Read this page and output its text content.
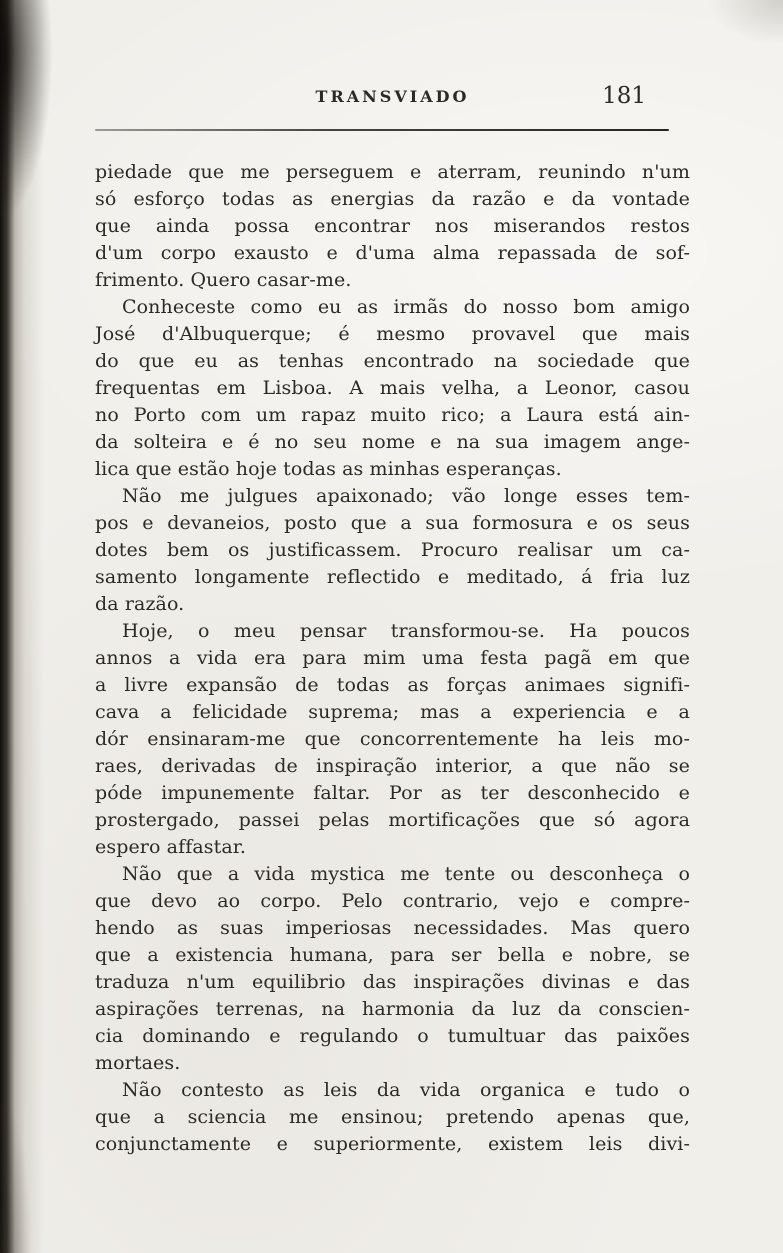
TRANSVIADO	181
piedade que me perseguem e aterram, reunindo n'um
só esforço todas as energias da razão e da vontade
que ainda possa encontrar nos miserandos restos
d'um corpo exausto e d'uma alma repassada de sof-
frimento. Quero casar-me.
Conheceste como eu as irmãs do nosso bom amigo
José d'Albuquerque; é mesmo provavel que mais
do que eu as tenhas encontrado na sociedade que
frequentas em Lisboa. A mais velha, a Leonor, casou
no Porto com um rapaz muito rico; a Laura está ain-
da solteira e é no seu nome e na sua imagem ange-
lica que estão hoje todas as minhas esperanças.
Não me julgues apaixonado; vão longe esses tem-
pos e devaneios, posto que a sua formosura e os seus
dotes bem os justificassem. Procuro realisar um ca-
samento longamente reflectido e meditado, á fria luz
da razão.
Hoje, o meu pensar transformou-se. Ha poucos
annos a vida era para mim uma festa pagã em que
a livre expansão de todas as forças animaes signifi-
cava a felicidade suprema; mas a experiencia e a
dór ensinaram-me que concorrentemente ha leis mo-
raes, derivadas de inspiração interior, a que não se
póde impunemente faltar. Por as ter desconhecido e
prostergado, passei pelas mortificações que só agora
espero affastar.
Não que a vida mystica me tente ou desconheça o
que devo ao corpo. Pelo contrario, vejo e compre-
hendo as suas imperiosas necessidades. Mas quero
que a existencia humana, para ser bella e nobre, se
traduza n'um equilibrio das inspirações divinas e das
aspirações terrenas, na harmonia da luz da conscien-
cia dominando e regulando o tumultuar das paixões
mortaes.
Não contesto as leis da vida organica e tudo o
que a sciencia me ensinou; pretendo apenas que,
conjunctamente e superiormente, existem leis divi-
